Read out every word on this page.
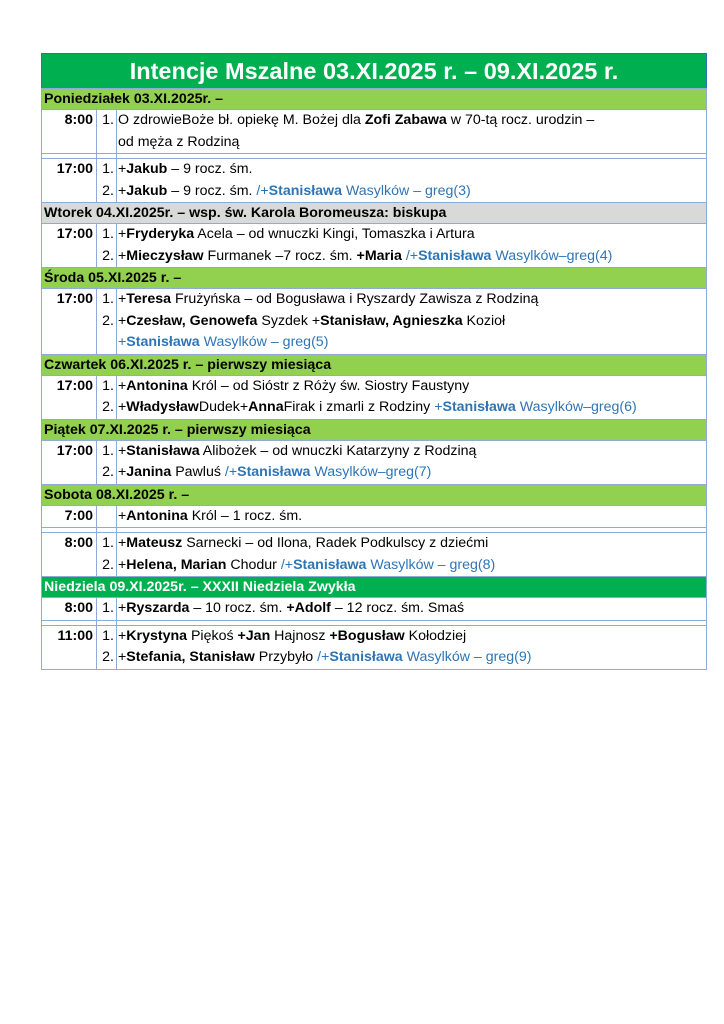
Intencje Mszalne 03.XI.2025 r. – 09.XI.2025 r.
Poniedziałek 03.XI.2025r. –		
8:00	1.	O zdrowieBoże bł. opiekę M. Bożej dla Zofi Zabawa w 70-tą rocz. urodzin –
		od męża z Rodziną

17:00	1.	+Jakub – 9 rocz. śm.
	2.	+Jakub – 9 rocz. śm. /+Stanisława Wasylków – greg(3)
Wtorek 04.XI.2025r. – wsp. św. Karola Boromeusza: biskupa		
17:00	1.	+Fryderyka Acela – od wnuczki Kingi, Tomaszka i Artura
	2.	+Mieczysław Furmanek –7 rocz. śm. +Maria /+Stanisława Wasylków–greg(4)
Środa 05.XI.2025 r. –		
17:00	1.	+Teresa Frużyńska – od Bogusława i Ryszardy Zawisza z Rodziną
	2.	+Czesław, Genowefa Syzdek +Stanisław, Agnieszka Kozioł
		+Stanisława Wasylków – greg(5)
Czwartek 06.XI.2025 r. – pierwszy miesiąca		
17:00	1.	+Antonina Król – od Sióstr z Róży św. Siostry Faustyny
	2.	+WładysławDudek+AnnaFirak i zmarli z Rodziny +Stanisława Wasylków–greg(6)
Piątek 07.XI.2025 r. – pierwszy miesiąca		
17:00	1.	+Stanisława Alibożek – od wnuczki Katarzyny z Rodziną
	2.	+Janina Pawluś /+Stanisława Wasylków–greg(7)
Sobota 08.XI.2025 r. –		
7:00		+Antonina Król – 1 rocz. śm.

8:00	1.	+Mateusz Sarnecki – od Ilona, Radek Podkulscy z dziećmi
	2.	+Helena, Marian Chodur /+Stanisława Wasylków – greg(8)
Niedziela 09.XI.2025r. – XXXII Niedziela Zwykła		
8:00	1.	+Ryszarda – 10 rocz. śm. +Adolf – 12 rocz. śm. Smaś

11:00	1.	+Krystyna Piękoś +Jan Hajnosz +Bogusław Kołodziej
	2.	+Stefania, Stanisław Przybyło /+Stanisława Wasylków – greg(9)
